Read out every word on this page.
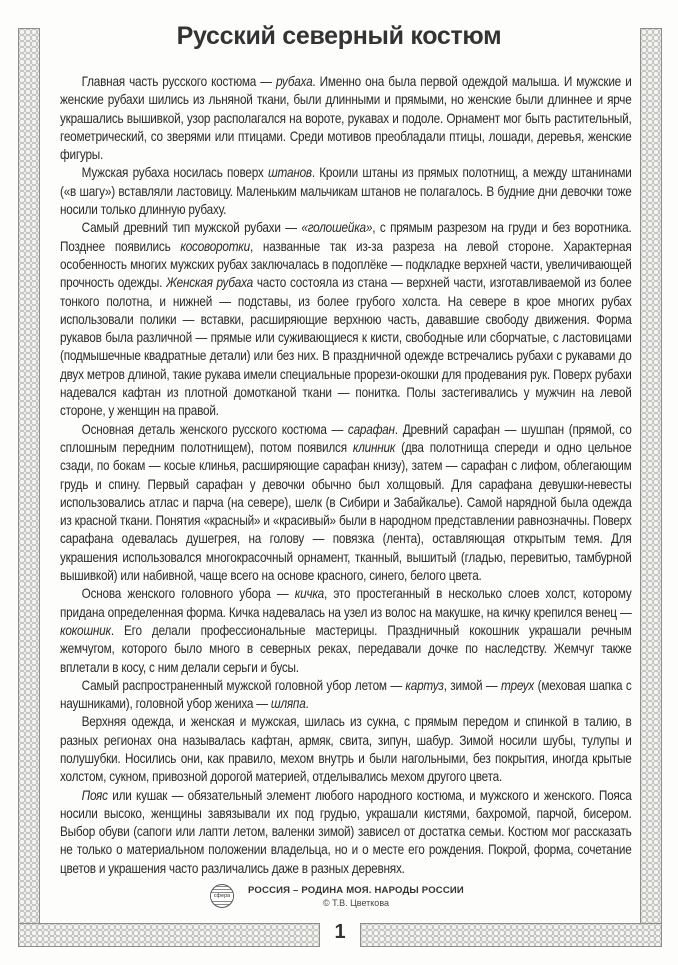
1
Русский северный костюм

Главная часть русского костюма — рубаха. Именно она была первой одеждой малыша. И мужские и женские рубахи шились из льняной ткани, были длинными и прямыми, но женские были длиннее и ярче украшались вышивкой, узор располагался на вороте, рукавах и подоле. Орнамент мог быть растительный, геометрический, со зверями или птицами. Среди мотивов преобладали птицы, лошади, деревья, женские фигуры.

Мужская рубаха носилась поверх штанов. Кроили штаны из прямых полотнищ, а между штанинами («в шагу») вставляли ластовицу. Маленьким мальчикам штанов не полагалось. В будние дни девочки тоже носили только длинную рубаху.

Самый древний тип мужской рубахи — «голошейка», с прямым разрезом на груди и без воротника. Позднее появились косоворотки, названные так из-за разреза на левой стороне. Характерная особенность многих мужских рубах заключалась в подоплёке — подкладке верхней части, увеличивающей прочность одежды. Женская рубаха часто состояла из стана — верхней части, изготавливаемой из более тонкого полотна, и нижней — подставы, из более грубого холста. На севере в крое многих рубах использовали полики — вставки, расширяющие верхнюю часть, дававшие свободу движения. Форма рукавов была различной — прямые или суживающиеся к кисти, свободные или сборчатые, с ластовицами (подмышечные квадратные детали) или без них. В праздничной одежде встречались рубахи с рукавами до двух метров длиной, такие рукава имели специальные прорези-окошки для продевания рук. Поверх рубахи надевался кафтан из плотной домотканой ткани — понитка. Полы застегивались у мужчин на левой стороне, у женщин на правой.

Основная деталь женского русского костюма — сарафан. Древний сарафан — шушпан (прямой, со сплошным передним полотнищем), потом появился клинник (два полотнища спереди и одно цельное сзади, по бокам — косые клинья, расширяющие сарафан книзу), затем — сарафан с лифом, облегающим грудь и спину. Первый сарафан у девочки обычно был холщовый. Для сарафана девушки-невесты использовались атлас и парча (на севере), шелк (в Сибири и Забайкалье). Самой нарядной была одежда из красной ткани. Понятия «красный» и «красивый» были в народном представлении равнозначны. Поверх сарафана одевалась душегрея, на голову — повязка (лента), оставляющая открытым темя. Для украшения использовался многокрасочный орнамент, тканный, вышитый (гладью, перевитью, тамбурной вышивкой) или набивной, чаще всего на основе красного, синего, белого цвета.

Основа женского головного убора — кичка, это простеганный в несколько слоев холст, которому придана определенная форма. Кичка надевалась на узел из волос на макушке, на кичку крепился венец — кокошник. Его делали профессиональные мастерицы. Праздничный кокошник украшали речным жемчугом, которого было много в северных реках, передавали дочке по наследству. Жемчуг также вплетали в косу, с ним делали серьги и бусы.

Самый распространенный мужской головной убор летом — картуз, зимой — треух (меховая шапка с наушниками), головной убор жениха — шляпа.

Верхняя одежда, и женская и мужская, шилась из сукна, с прямым передом и спинкой в талию, в разных регионах она называлась кафтан, армяк, свита, зипун, шабур. Зимой носили шубы, тулупы и полушубки. Носились они, как правило, мехом внутрь и были нагольными, без покрытия, иногда крытые холстом, сукном, привозной дорогой материей, отделывались мехом другого цвета.

Пояс или кушак — обязательный элемент любого народного костюма, и мужского и женского. Пояса носили высоко, женщины завязывали их под грудью, украшали кистями, бахромой, парчой, бисером. Выбор обуви (сапоги или лапти летом, валенки зимой) зависел от достатка семьи. Костюм мог рассказать не только о материальном положении владельца, но и о месте его рождения. Покрой, форма, сочетание цветов и украшения часто различались даже в разных деревнях.

сфера	РОССИЯ – РОДИНА МОЯ. НАРОДЫ РОССИИ
© Т.В. Цветкова
